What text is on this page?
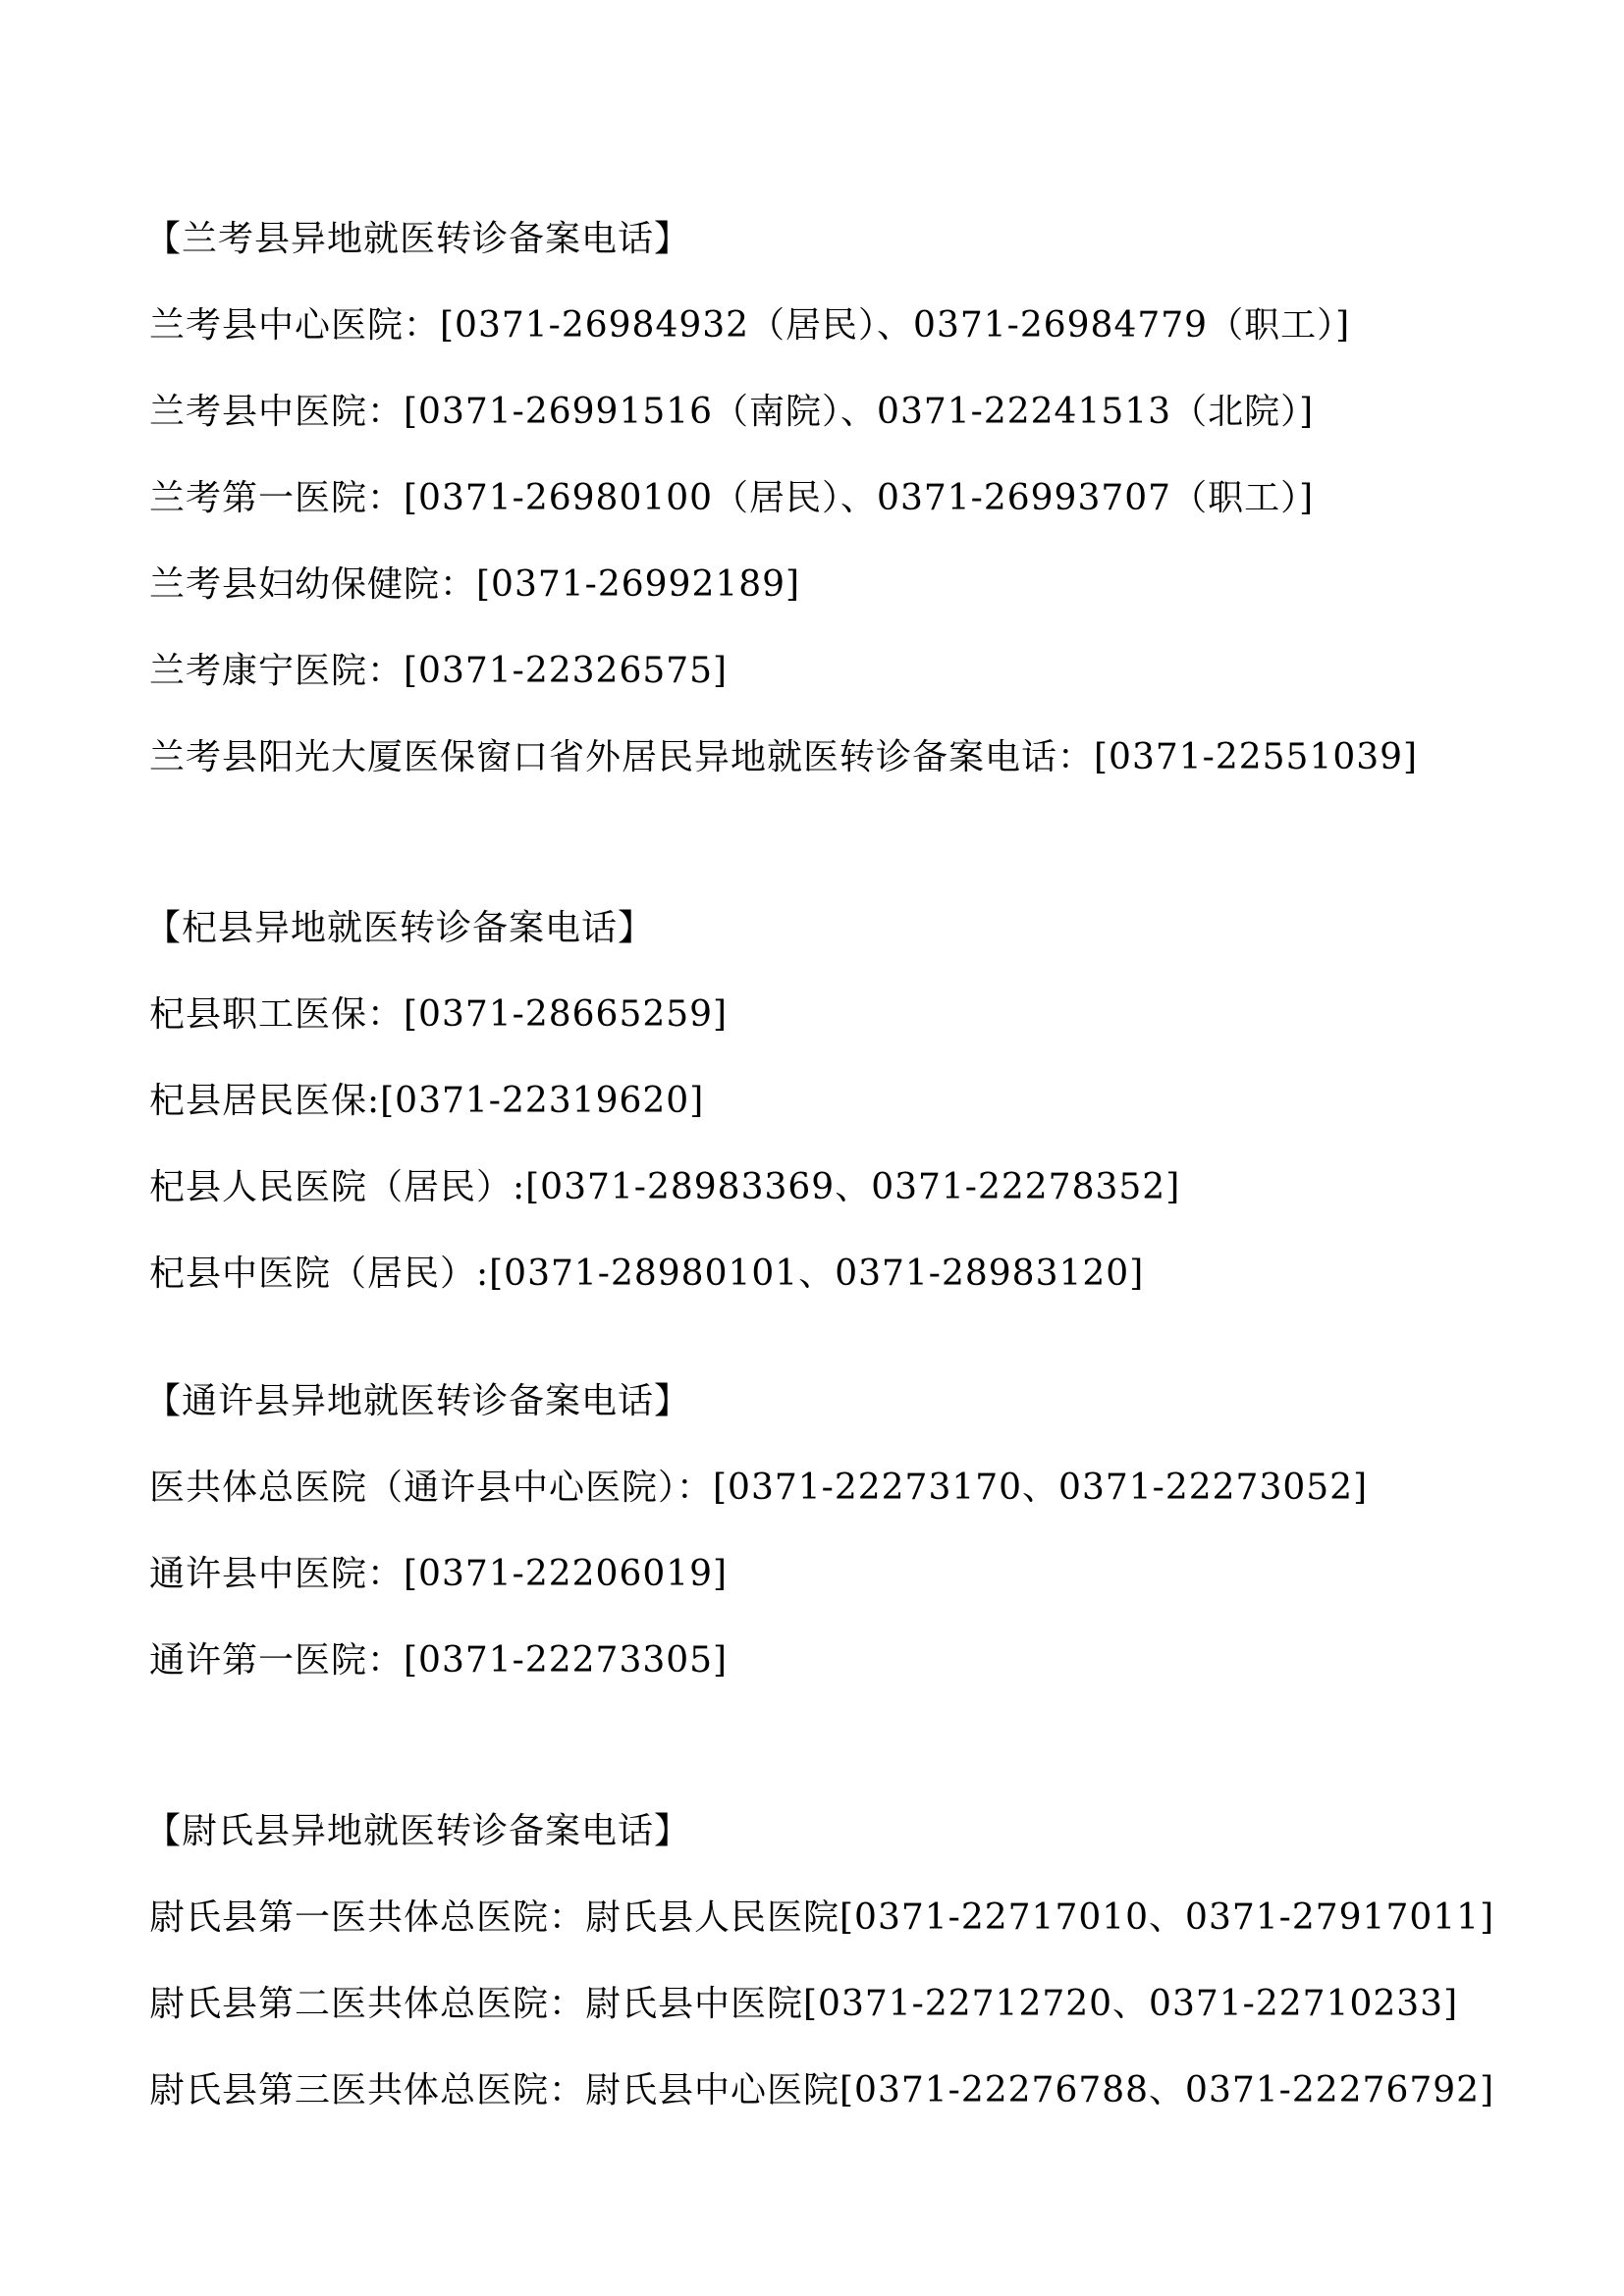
【兰考县异地就医转诊备案电话】
兰考县中心医院：[0371-26984932（居民）、0371-26984779（职工）]
兰考县中医院：[0371-26991516（南院）、0371-22241513（北院）]
兰考第一医院：[0371-26980100（居民）、0371-26993707（职工）]
兰考县妇幼保健院：[0371-26992189]
兰考康宁医院：[0371-22326575]
兰考县阳光大厦医保窗口省外居民异地就医转诊备案电话：[0371-22551039]
【杞县异地就医转诊备案电话】
杞县职工医保：[0371-28665259]
杞县居民医保:[0371-22319620]
杞县人民医院（居民）:[0371-28983369、0371-22278352]
杞县中医院（居民）:[0371-28980101、0371-28983120]
【通许县异地就医转诊备案电话】
医共体总医院（通许县中心医院）：[0371-22273170、0371-22273052]
通许县中医院：[0371-22206019]
通许第一医院：[0371-22273305]
【尉氏县异地就医转诊备案电话】
尉氏县第一医共体总医院：尉氏县人民医院[0371-22717010、0371-27917011]
尉氏县第二医共体总医院：尉氏县中医院[0371-22712720、0371-22710233]
尉氏县第三医共体总医院：尉氏县中心医院[0371-22276788、0371-22276792]
